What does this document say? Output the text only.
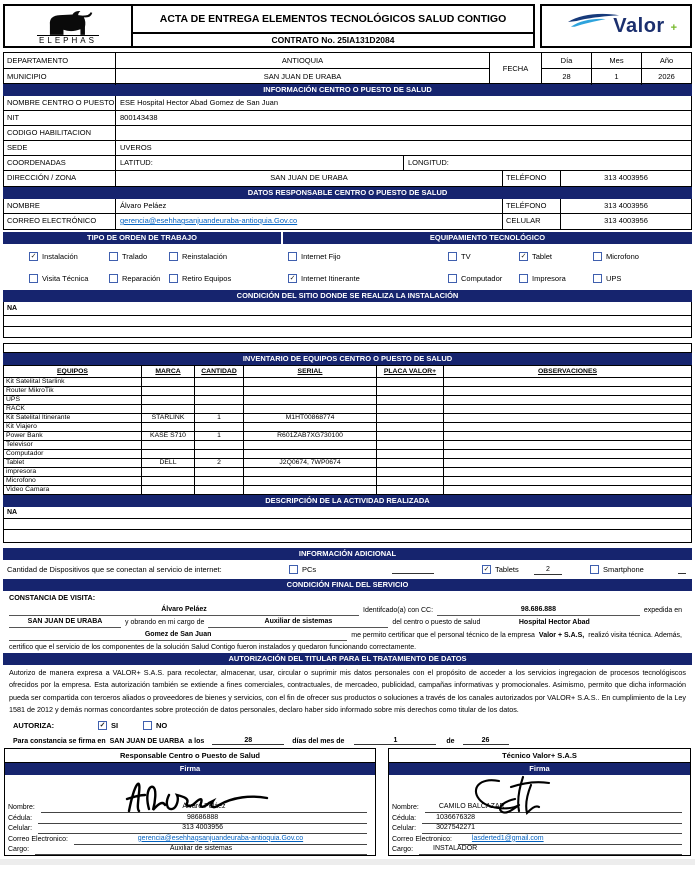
ELEPHAS
ACTA DE ENTREGA ELEMENTOS TECNOLÓGICOS SALUD CONTIGO
CONTRATO No. 25IA131D2084
Valor +
DEPARTAMENTO	ANTIOQUIA
MUNICIPIO	SAN JUAN DE URABA
FECHA
Día	Mes	Año
28	1	2026
INFORMACIÓN CENTRO O PUESTO DE SALUD
NOMBRE CENTRO O PUESTO ESE Hospital Hector Abad Gomez de San Juan
NIT	800143438
CODIGO HABILITACION
SEDE	UVEROS
COORDENADAS	LATITUD:	LONGITUD:
DIRECCIÓN / ZONA	SAN JUAN DE URABA	TELÉFONO	313 4003956
DATOS RESPONSABLE CENTRO O PUESTO DE SALUD
NOMBRE	Álvaro Peláez	TELÉFONO	313 4003956
CORREO ELECTRÓNICO	gerencia@esehhagsanjuandeuraba-antioquia.Gov.co	CELULAR	313 4003956
TIPO DE ORDEN DE TRABAJO	EQUIPAMIENTO TECNOLÓGICO
✓ Instalación	Tralado	Reinstalación	Internet Fijo	TV	✓ Tablet	Microfono
Visita Técnica	Reparación	Retiro Equipos	✓ Internet Itinerante	Computador	Impresora	UPS
CONDICIÓN DEL SITIO DONDE SE REALIZA LA INSTALACIÓN
NA
INVENTARIO DE EQUIPOS CENTRO O PUESTO DE SALUD
EQUIPOS	MARCA	CANTIDAD	SERIAL	PLACA VALOR+	OBSERVACIONES
Kit Satelital Starlink					
Router MikroTik					
UPS					
RACK					
Kit Satelital Itinerante	STARLINK	1	M1HT00868774		
Kit Viajero					
Power Bank	KASE S710	1	R601ZAB7XG730100		
Televisor					
Computador					
Tablet	DELL	2	J2Q0674, 7WP0674		
impresora					
Microfono					
Video Camara					
DESCRIPCIÓN DE LA ACTIVIDAD REALIZADA
NA
INFORMACIÓN ADICIONAL
Cantidad de Dispositivos que se conectan al servicio de internet:	PCs	✓ Tablets	2	Smartphone
CONDICIÓN FINAL DEL SERVICIO
CONSTANCIA DE VISITA:
Álvaro Peláez	Identifcado(a) con CC:	98.686.888	expedida en
SAN JUAN DE URABA	y obrando en mi cargo de	Auxiliar de sistemas	del centro o puesto de salud	Hospital Hector Abad
Gomez de San Juan	me permito certificar que el personal técnico de la empresa Valor + S.A.S, realizó visita técnica. Además,
certifico que el servicio de los componentes de la solución Salud Contigo fueron instalados y quedaron funcionando correctamente.
AUTORIZACIÓN DEL TITULAR PARA EL TRATAMIENTO DE DATOS
Autorizo de manera expresa a VALOR+ S.A.S. para recolectar, almacenar, usar, circular o suprimir mis datos personales con el propósito de acceder a los servicios ingregacion de procesos tecnológiscos ofrecidos por la empresa. Esta autorización también se extiende a fines comerciales, contractuales, de mercadeo, publicidad, campañas informativas y promocionales. Asimismo, permito que dicha información pueda ser compartida con terceros aliados o proveedores de bienes y servicios, con el fin de ofrecer sus productos o soluciones a través de los canales autorizados por VALOR+ S.A.S.. En cumplimiento de la Ley 1581 de 2012 y demás normas concordantes sobre protección de datos personales, declaro haber sido informado sobre mis derechos como titular de los datos.
AUTORIZA:	✓ SI	NO
Para constancia se firma en SAN JUAN DE UARBA a los	28	días del mes de	1	de	26
Responsable Centro o Puesto de Salud
Firma
Nombre:	Álvaro Peláez
Cédula:	98686888
Celular:	313 4003956
Correo Electronico:	gerencia@esehhagsanjuandeuraba-antioquia.Gov.co
Cargo:	Auxiliar de sistemas
Técnico Valor+ S.A.S
Firma
Nombre:	CAMILO BALCAZAR
Cédula:	1036676328
Celular:	3027542271
Correo Electronico:	lasderted1@gmail.com
Cargo:	INSTALADOR
